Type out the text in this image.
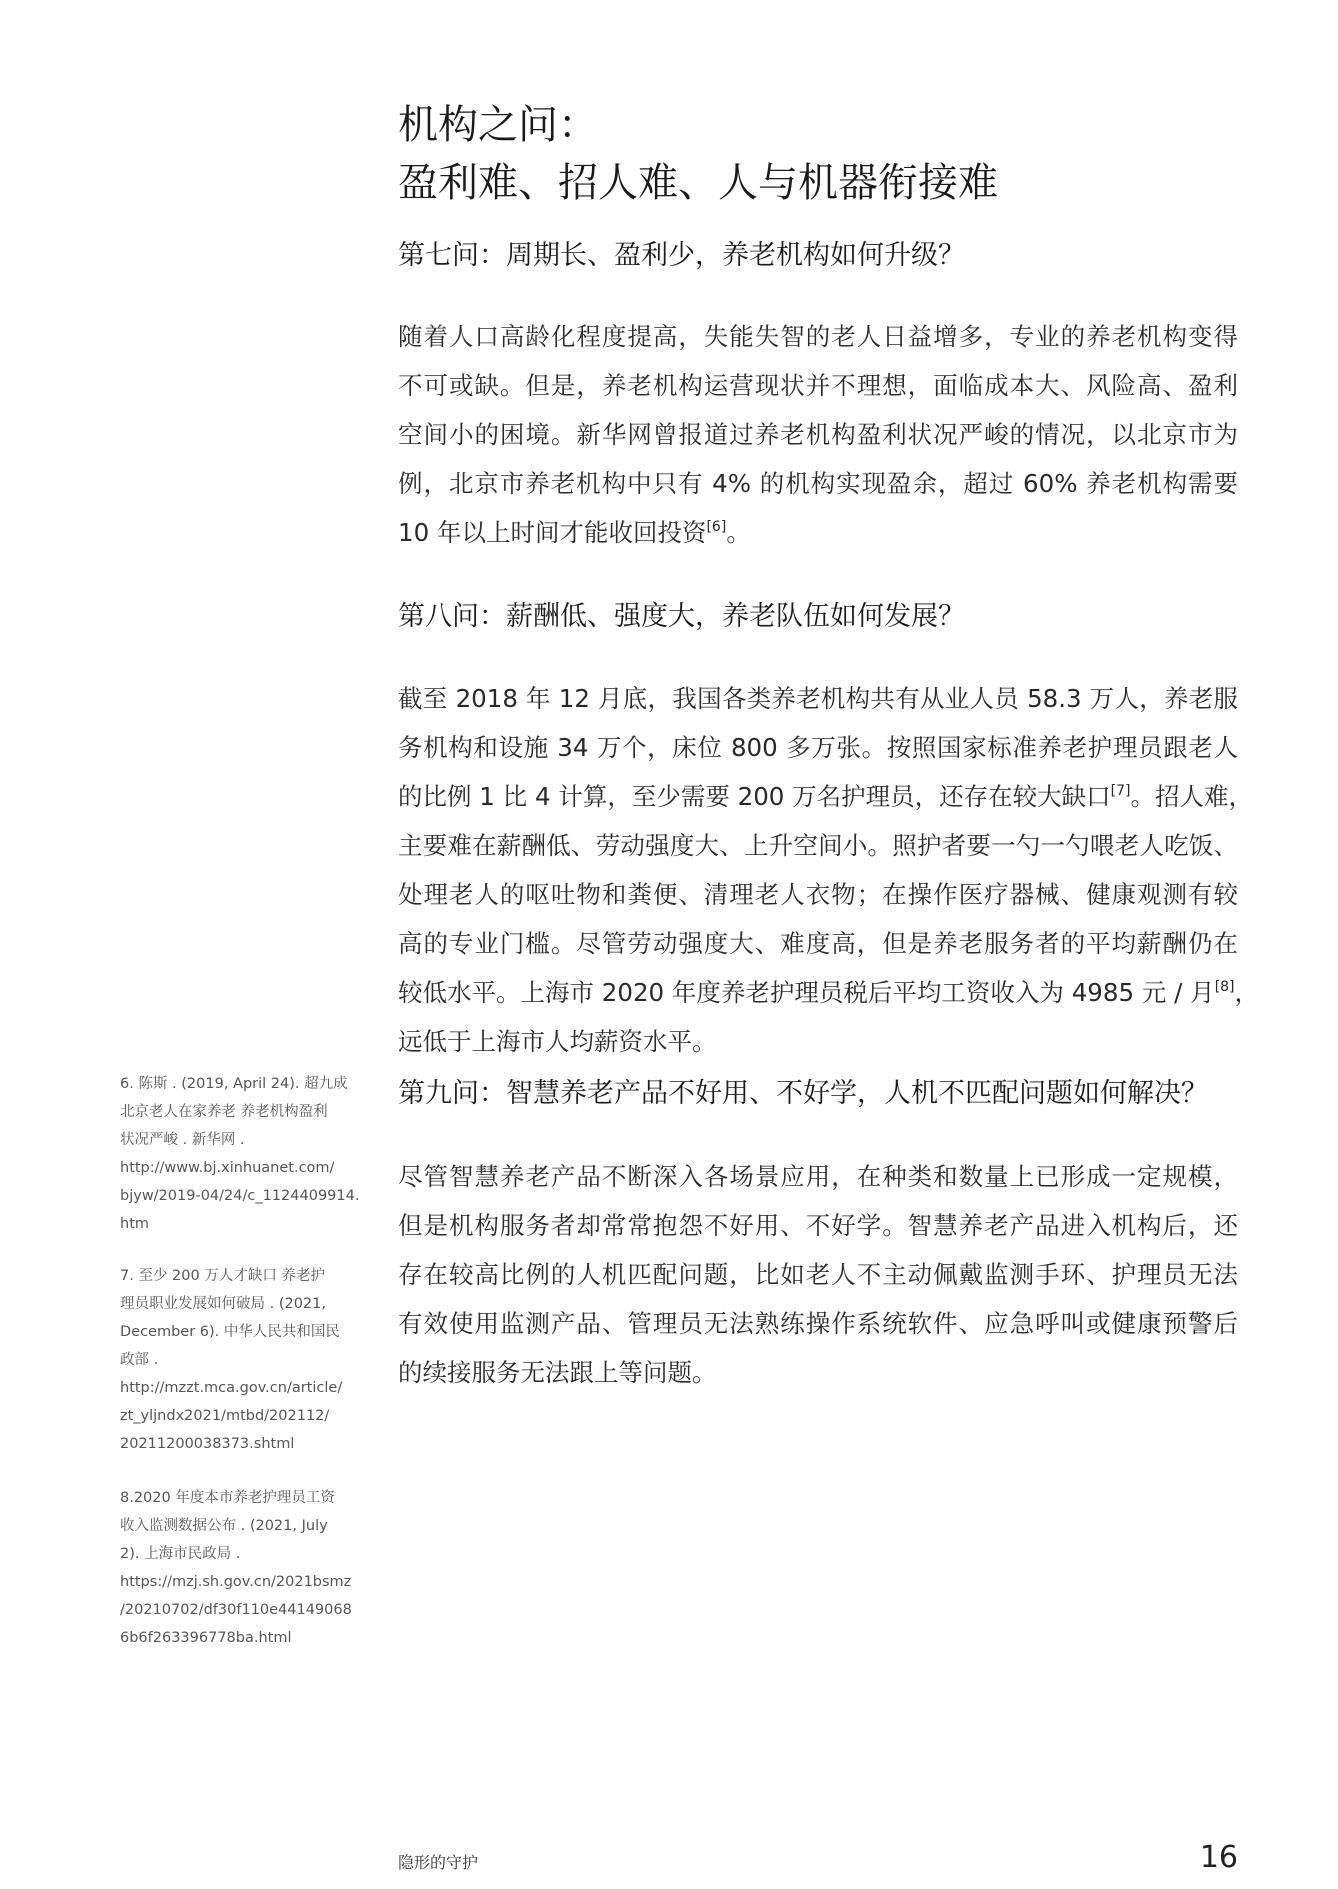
机构之问：
盈利难、招人难、人与机器衔接难
第七问：周期长、盈利少，养老机构如何升级？

随着人口高龄化程度提高，失能失智的老人日益增多，专业的养老机构变得
不可或缺。但是，养老机构运营现状并不理想，面临成本大、风险高、盈利
空间小的困境。新华网曾报道过养老机构盈利状况严峻的情况，以北京市为
例，北京市养老机构中只有 4% 的机构实现盈余，超过 60% 养老机构需要
10 年以上时间才能收回投资[6]。

第八问：薪酬低、强度大，养老队伍如何发展？

截至 2018 年 12 月底，我国各类养老机构共有从业人员 58.3 万人，养老服
务机构和设施 34 万个，床位 800 多万张。按照国家标准养老护理员跟老人
的比例 1 比 4 计算，至少需要 200 万名护理员，还存在较大缺口[7]。招人难，
主要难在薪酬低、劳动强度大、上升空间小。照护者要一勺一勺喂老人吃饭、
处理老人的呕吐物和粪便、清理老人衣物；在操作医疗器械、健康观测有较
高的专业门槛。尽管劳动强度大、难度高，但是养老服务者的平均薪酬仍在
较低水平。上海市 2020 年度养老护理员税后平均工资收入为 4985 元 / 月[8]，
远低于上海市人均薪资水平。

第九问：智慧养老产品不好用、不好学，人机不匹配问题如何解决？

尽管智慧养老产品不断深入各场景应用，在种类和数量上已形成一定规模，
但是机构服务者却常常抱怨不好用、不好学。智慧养老产品进入机构后，还
存在较高比例的人机匹配问题，比如老人不主动佩戴监测手环、护理员无法
有效使用监测产品、管理员无法熟练操作系统软件、应急呼叫或健康预警后
的续接服务无法跟上等问题。

6. 陈斯 . (2019, April 24). 超九成
北京老人在家养老 养老机构盈利
状况严峻 . 新华网 .
http://www.bj.xinhuanet.com/
bjyw/2019-04/24/c_1124409914.
htm
7. 至少 200 万人才缺口 养老护
理员职业发展如何破局 . (2021,
December 6). 中华人民共和国民
政部 .
http://mzzt.mca.gov.cn/article/
zt_yljndx2021/mtbd/202112/
20211200038373.shtml
8.2020 年度本市养老护理员工资
收入监测数据公布 . (2021, July
2). 上海市民政局 .
https://mzj.sh.gov.cn/2021bsmz
/20210702/df30f110e44149068
6b6f263396778ba.html
隐形的守护	16
